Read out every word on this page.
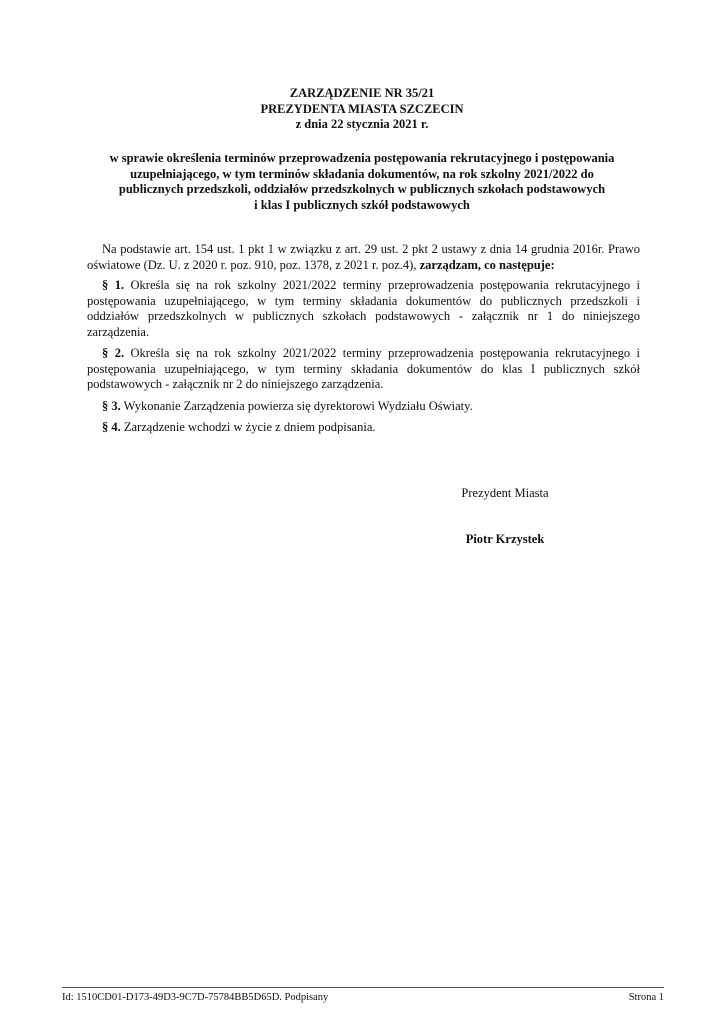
ZARZĄDZENIE NR 35/21
PREZYDENTA MIASTA SZCZECIN
z dnia 22 stycznia 2021 r.
w sprawie określenia terminów przeprowadzenia postępowania rekrutacyjnego i postępowania
uzupełniającego, w tym terminów składania dokumentów, na rok szkolny 2021/2022 do
publicznych przedszkoli, oddziałów przedszkolnych w publicznych szkołach podstawowych
i klas I publicznych szkół podstawowych

Na podstawie art. 154 ust. 1 pkt 1 w związku z art. 29 ust. 2 pkt 2 ustawy z dnia 14 grudnia 2016r. Prawo oświatowe (Dz. U. z 2020 r. poz. 910, poz. 1378, z 2021 r. poz.4), zarządzam, co następuje:

§ 1. Określa się na rok szkolny 2021/2022 terminy przeprowadzenia postępowania rekrutacyjnego i postępowania uzupełniającego, w tym terminy składania dokumentów do publicznych przedszkoli i oddziałów przedszkolnych w publicznych szkołach podstawowych - załącznik nr 1 do niniejszego zarządzenia.

§ 2. Określa się na rok szkolny 2021/2022 terminy przeprowadzenia postępowania rekrutacyjnego i postępowania uzupełniającego, w tym terminy składania dokumentów do klas I publicznych szkół podstawowych - załącznik nr 2 do niniejszego zarządzenia.

§ 3. Wykonanie Zarządzenia powierza się dyrektorowi Wydziału Oświaty.

§ 4. Zarządzenie wchodzi w życie z dniem podpisania.

Prezydent Miasta
Piotr Krzystek
Id: 1510CD01-D173-49D3-9C7D-75784BB5D65D. Podpisany	Strona 1
